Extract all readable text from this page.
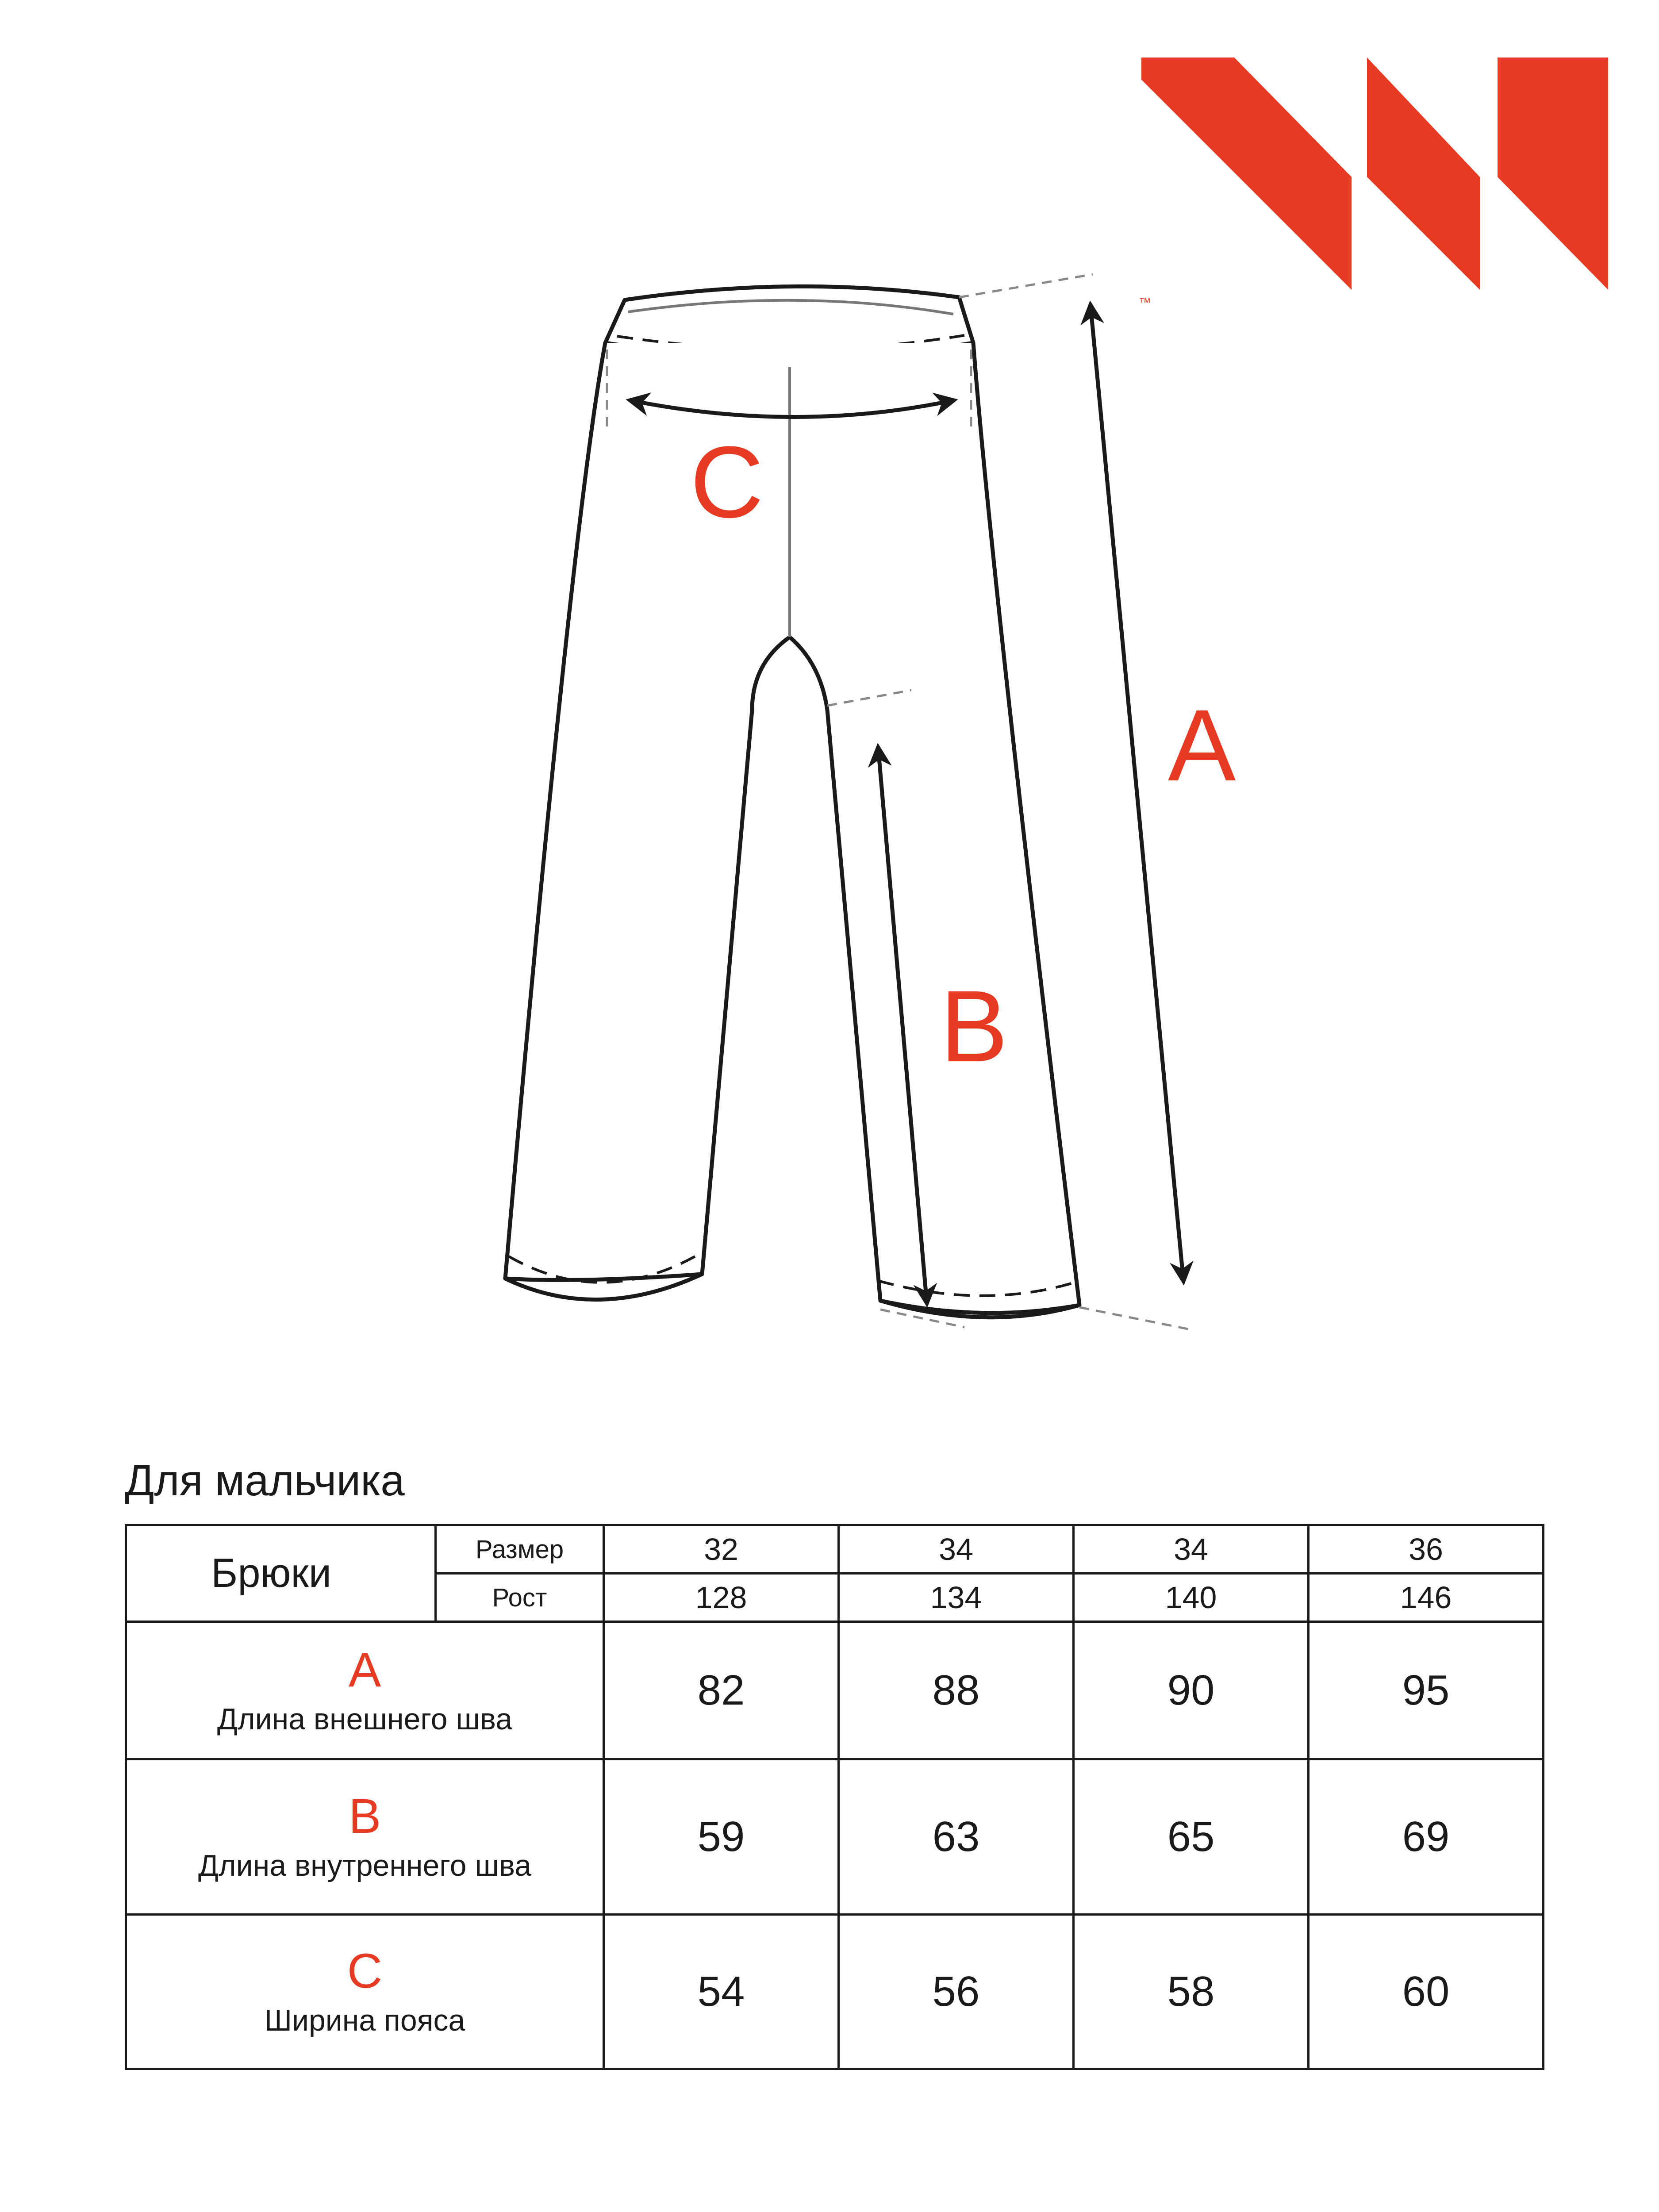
™
C
A
B
Для мальчика
Брюки	Размер	32	34	34	36
	Рост	128	134	140	146

A
Длина внешнего шва		82	88	90	95

B
Длина внутреннего шва		59	63	65	69

C
Ширина пояса		54	56	58	60
